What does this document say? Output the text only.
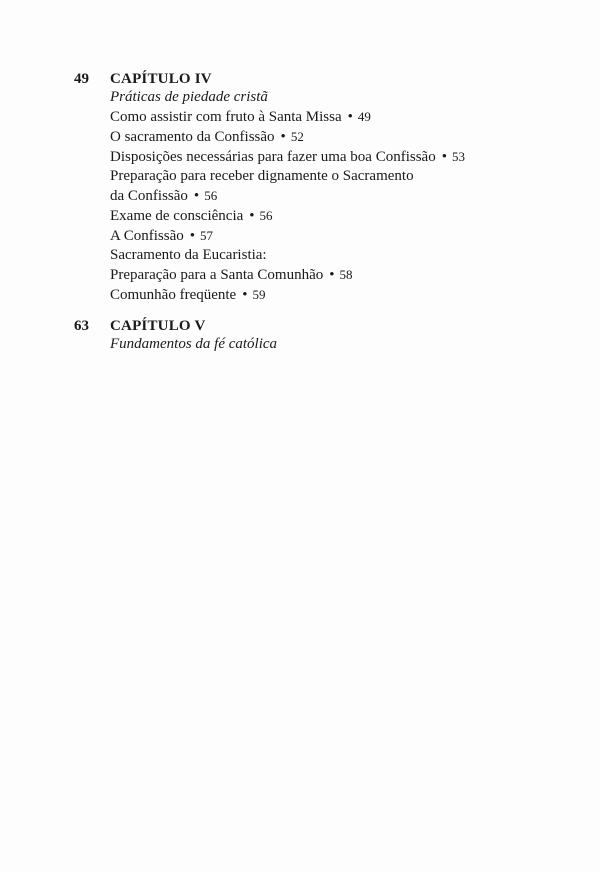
49	CAPÍTULO IV
Práticas de piedade cristã
Como assistir com fruto à Santa Missa • 49
O sacramento da Confissão • 52
Disposições necessárias para fazer uma boa Confissão • 53
Preparação para receber dignamente o Sacramento
da Confissão • 56
Exame de consciência • 56
A Confissão • 57
Sacramento da Eucaristia:
Preparação para a Santa Comunhão • 58
Comunhão freqüente • 59
63	CAPÍTULO V
Fundamentos da fé católica
